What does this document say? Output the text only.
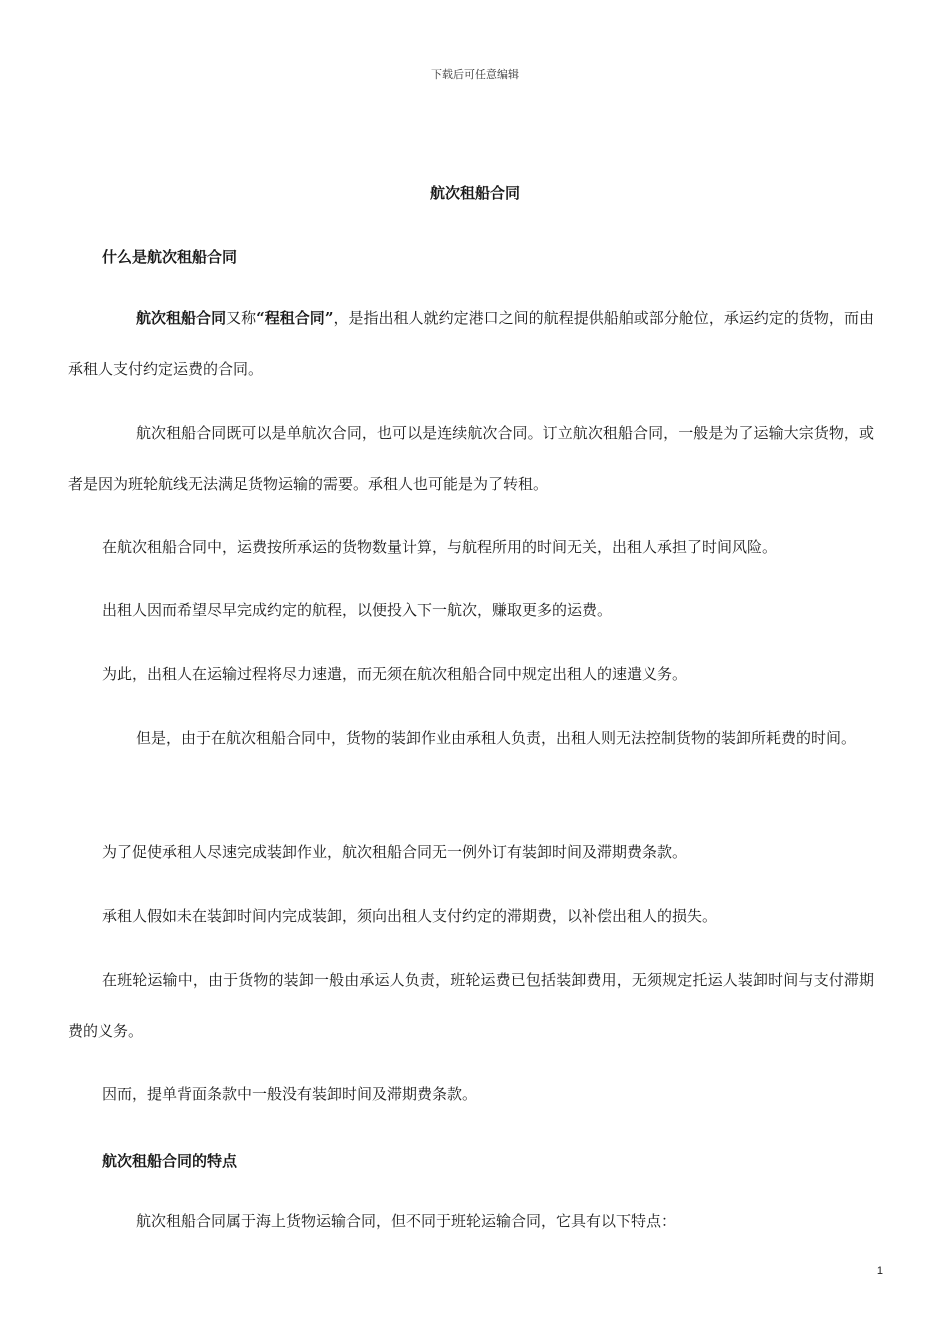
下载后可任意编辑
航次租船合同
什么是航次租船合同
航次租船合同又称“程租合同”，是指出租人就约定港口之间的航程提供船舶或部分舱位，承运约定的货物，而由承租人支付约定运费的合同。
航次租船合同既可以是单航次合同，也可以是连续航次合同。订立航次租船合同，一般是为了运输大宗货物，或者是因为班轮航线无法满足货物运输的需要。承租人也可能是为了转租。
在航次租船合同中，运费按所承运的货物数量计算，与航程所用的时间无关，出租人承担了时间风险。
出租人因而希望尽早完成约定的航程，以便投入下一航次，赚取更多的运费。
为此，出租人在运输过程将尽力速遣，而无须在航次租船合同中规定出租人的速遣义务。
但是，由于在航次租船合同中，货物的装卸作业由承租人负责，出租人则无法控制货物的装卸所耗费的时间。
为了促使承租人尽速完成装卸作业，航次租船合同无一例外订有装卸时间及滞期费条款。
承租人假如未在装卸时间内完成装卸，须向出租人支付约定的滞期费，以补偿出租人的损失。
在班轮运输中，由于货物的装卸一般由承运人负责，班轮运费已包括装卸费用，无须规定托运人装卸时间与支付滞期费的义务。
因而，提单背面条款中一般没有装卸时间及滞期费条款。
航次租船合同的特点
航次租船合同属于海上货物运输合同，但不同于班轮运输合同，它具有以下特点：
1
